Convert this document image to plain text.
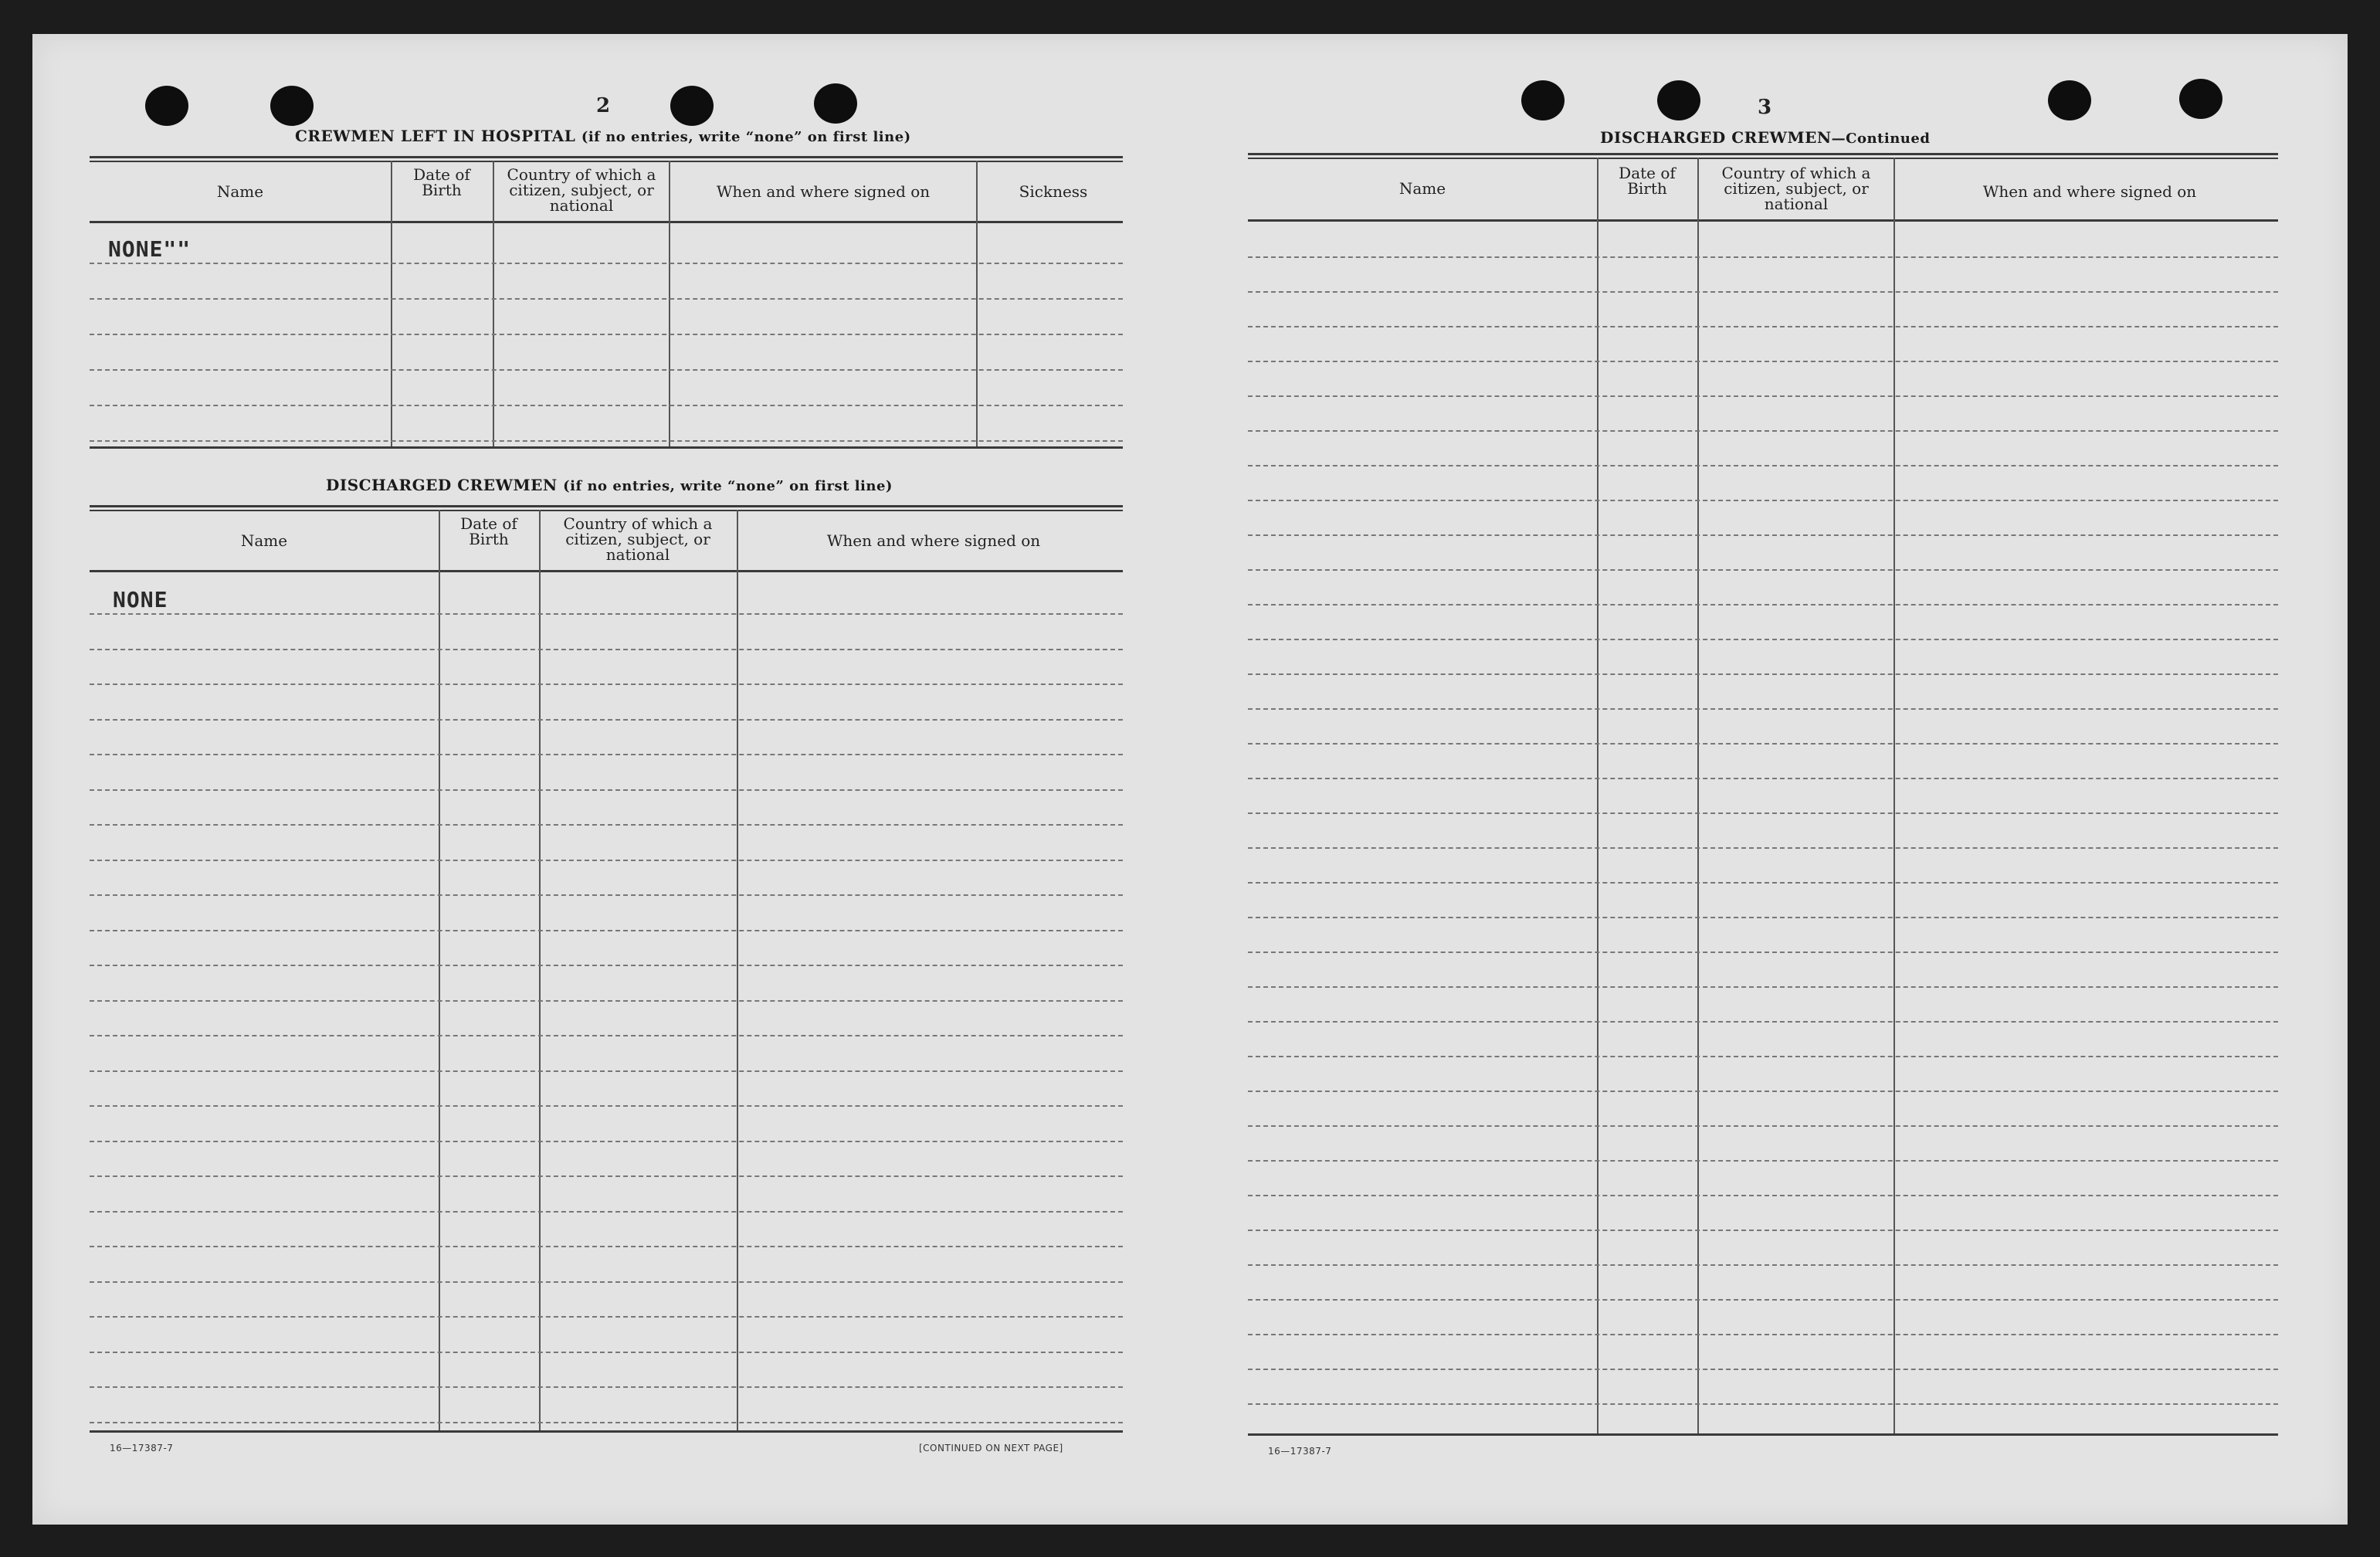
2
CREWMEN LEFT IN HOSPITAL (if no entries, write “none” on first line)
Name
Date of Birth
Country of which a citizen, subject, or national
When and where signed on	Sickness
NONE""
DISCHARGED CREWMEN (if no entries, write “none” on first line)
Name
Date of Birth
Country of which a citizen, subject, or national
When and where signed on
NONE
16—17387-7	[CONTINUED ON NEXT PAGE]
3
DISCHARGED CREWMEN—Continued
Name
Date of Birth
Country of which a citizen, subject, or national
When and where signed on
16—17387-7
